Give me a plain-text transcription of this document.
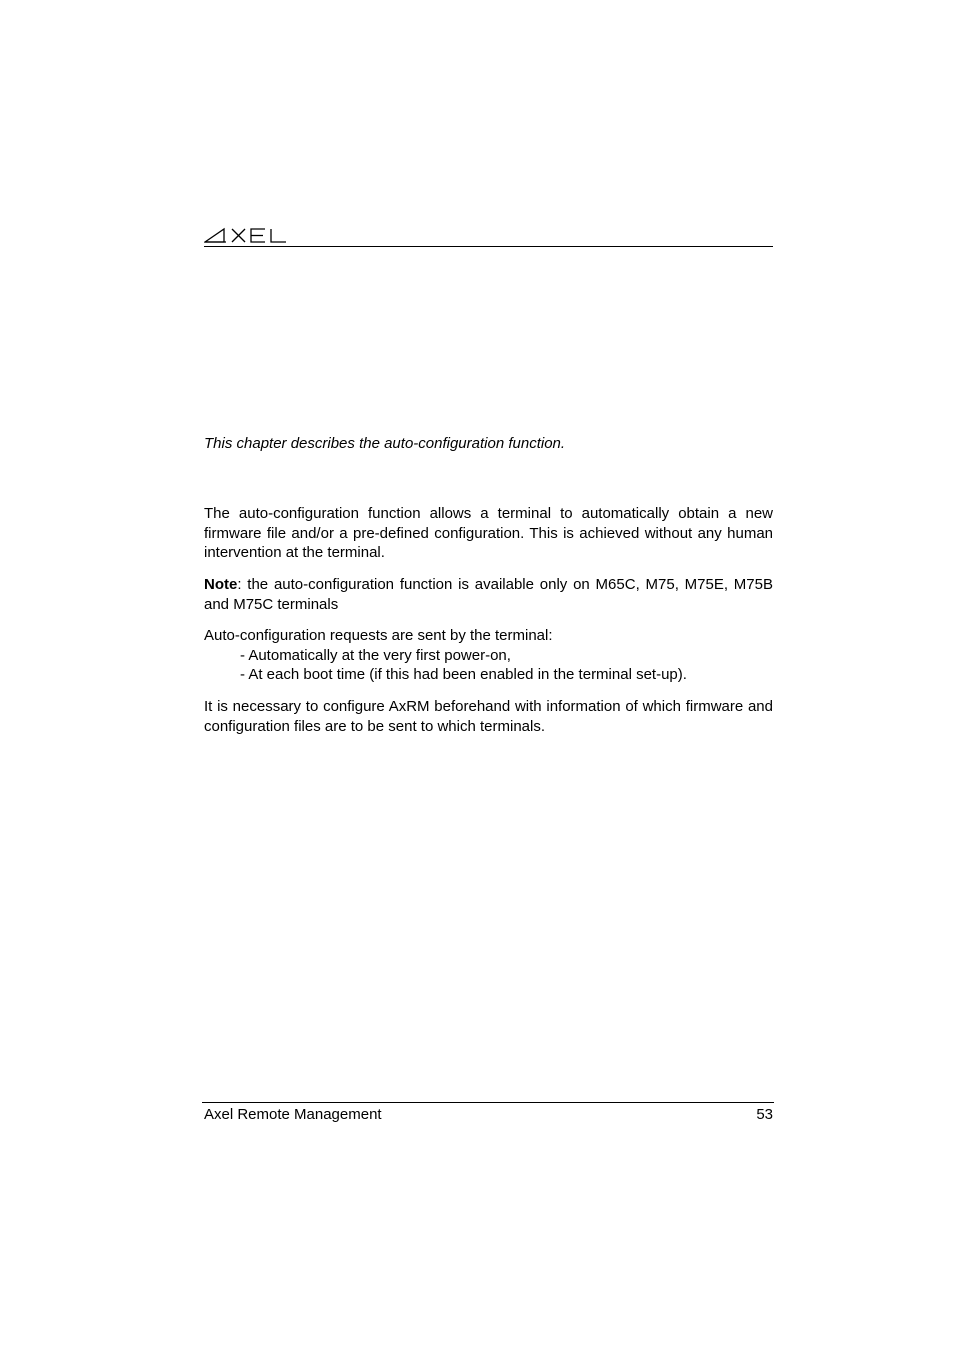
This chapter describes the auto-configuration function.

The auto-configuration function allows a terminal to automatically obtain a new firmware file and/or a pre-defined configuration. This is achieved without any human intervention at the terminal.

Note: the auto-configuration function is available only on M65C, M75, M75E, M75B and M75C terminals

Auto-configuration requests are sent by the terminal:
- Automatically at the very first power-on,
- At each boot time (if this had been enabled in the terminal set-up).

It is necessary to configure AxRM beforehand with information of which firmware and configuration files are to be sent to which terminals.

Axel Remote Management	53
